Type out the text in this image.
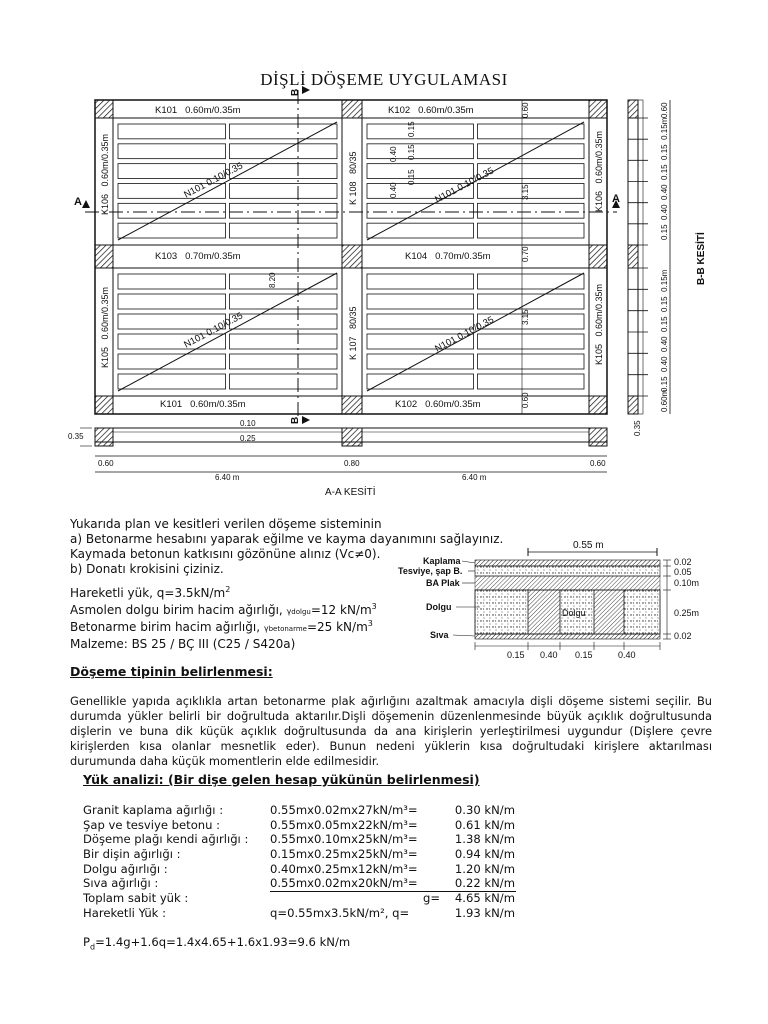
DİŞLİ DÖŞEME UYGULAMASI
A	A
B
B
K101   0.60m/0.35m	K102   0.60m/0.35m
K103   0.70m/0.35m	K104   0.70m/0.35m
K101   0.60m/0.35m	K102   0.60m/0.35m
K106   0.60m/0.35m	K 108   80/35	K106   0.60m/0.35m
K105   0.60m/0.35m	K 107   80/35	K105   0.60m/0.35m
N101 0.10/0.35	N101 0.10/0.35
N101 0.10/0.35	N101 0.10/0.35
0.40
0.40
0.15
0.15
0.15
3.15
3.15
0.60
0.70
0.60
8.20	B-B KESİTİ
0.60
0.15  0.40  0.40  0.15  0.15  0.15m
0.15  0.40  0.40  0.15  0.15  0.15m
0.60m
0.35
0.10
0.25
0.35
0.60	0.80	0.60
6.40 m	6.40 m
A-A KESİTİ
Yukarıda plan ve kesitleri verilen döşeme sisteminin
a) Betonarme hesabını yaparak eğilme ve kayma dayanımını sağlayınız.
Kaymada betonun katkısını gözönüne alınız (Vc≠0).
b) Donatı krokisini çiziniz.
Hareketli yük, $q=3.5kN/m^2$
Asmolen dolgu birim hacim ağırlığı, γdolgu=12 $kN/m^3$
Betonarme birim hacim ağırlığı, γbetonarme=25 $kN/m^3$
Malzeme: BS 25 / BÇ III (C25 / S420a)
0.55 m
Kaplama
Tesviye, şap B.
BA Plak
Dolgu
Sıva
Dolgu
0.02
0.05
0.10m
0.25m
0.02
0.15 0.40 0.15	0.40
Döşeme tipinin belirlenmesi:
Genellikle yapıda açıklıkla artan betonarme plak ağırlığını azaltmak amacıyla dişli döşeme sistemi seçilir. Bu durumda yükler belirli bir doğrultuda aktarılır.Dişli döşemenin düzenlenmesinde büyük açıklık doğrultusunda dişlerin ve buna dik küçük açıklık doğrultusunda da ana kirişlerin yerleştirilmesi uygundur (Dişlere çevre kirişlerden kısa olanlar mesnetlik eder). Bunun nedeni yüklerin kısa doğrultudaki kirişlere aktarılması durumunda daha küçük momentlerin elde edilmesidir.
Yük analizi: (Bir dişe gelen hesap yükünün belirlenmesi)
Granit kaplama ağırlığı :	0.55mx0.02mx27kN/m³=	0.30 kN/m
Şap ve tesviye betonu :	0.55mx0.05mx22kN/m³=	0.61 kN/m
Döşeme plağı kendi ağırlığı : 0.55mx0.10mx25kN/m³=	1.38 kN/m
Bir dişin ağırlığı :	0.15mx0.25mx25kN/m³=	0.94 kN/m
Dolgu ağırlığı :	0.40mx0.25mx12kN/m³=	1.20 kN/m
Sıva ağırlığı :	0.55mx0.02mx20kN/m³=	0.22 kN/m
Toplam sabit yük :	g=	4.65 kN/m
Hareketli Yük :	q=0.55mx3.5kN/m², q=	1.93 kN/m
$P_d=1.4g+1.6q=1.4x4.65+1.6x1.93=9.6$ kN/m
